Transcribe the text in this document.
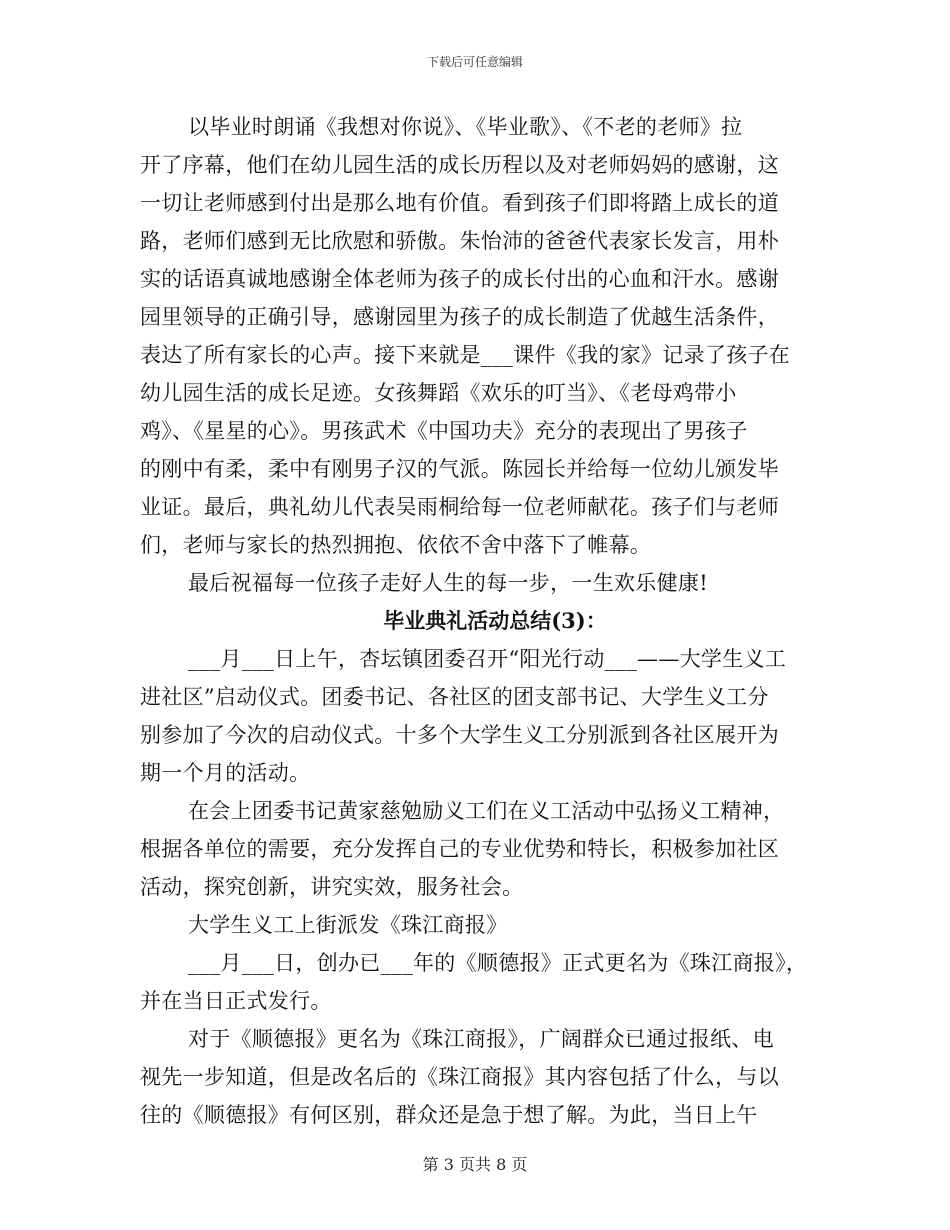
下载后可任意编辑
以毕业时朗诵《我想对你说》、《毕业歌》、《不老的老师》拉
开了序幕，他们在幼儿园生活的成长历程以及对老师妈妈的感谢，这
一切让老师感到付出是那么地有价值。看到孩子们即将踏上成长的道
路，老师们感到无比欣慰和骄傲。朱怡沛的爸爸代表家长发言，用朴
实的话语真诚地感谢全体老师为孩子的成长付出的心血和汗水。感谢
园里领导的正确引导，感谢园里为孩子的成长制造了优越生活条件，
表达了所有家长的心声。接下来就是___课件《我的家》记录了孩子在
幼儿园生活的成长足迹。女孩舞蹈《欢乐的叮当》、《老母鸡带小
鸡》、《星星的心》。男孩武术《中国功夫》充分的表现出了男孩子
的刚中有柔，柔中有刚男子汉的气派。陈园长并给每一位幼儿颁发毕
业证。最后，典礼幼儿代表吴雨桐给每一位老师献花。孩子们与老师
们，老师与家长的热烈拥抱、依依不舍中落下了帷幕。
最后祝福每一位孩子走好人生的每一步，一生欢乐健康!
毕业典礼活动总结(3)：
___月___日上午，杏坛镇团委召开“阳光行动___——大学生义工
进社区”启动仪式。团委书记、各社区的团支部书记、大学生义工分
别参加了今次的启动仪式。十多个大学生义工分别派到各社区展开为
期一个月的活动。
在会上团委书记黄家慈勉励义工们在义工活动中弘扬义工精神，
根据各单位的需要，充分发挥自己的专业优势和特长，积极参加社区
活动，探究创新，讲究实效，服务社会。
大学生义工上街派发《珠江商报》
___月___日，创办已___年的《顺德报》正式更名为《珠江商报》，
并在当日正式发行。
对于《顺德报》更名为《珠江商报》，广阔群众已通过报纸、电
视先一步知道，但是改名后的《珠江商报》其内容包括了什么，与以
往的《顺德报》有何区别，群众还是急于想了解。为此，当日上午
第 3 页共 8 页
